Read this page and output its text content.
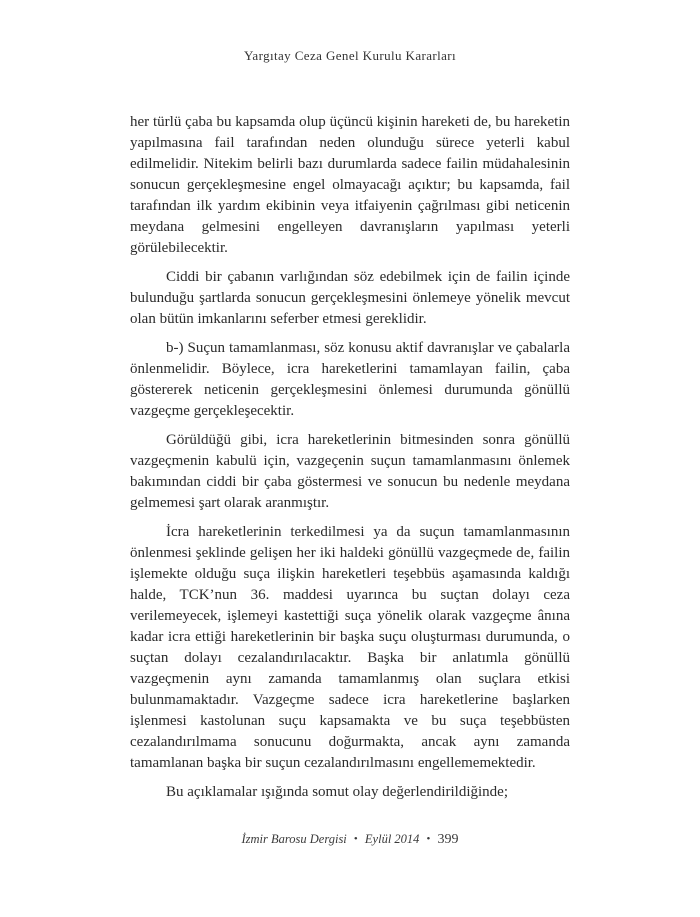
Yargıtay Ceza Genel Kurulu Kararları

her türlü çaba bu kapsamda olup üçüncü kişinin hareketi de, bu hareketin yapılmasına fail tarafından neden olunduğu sürece yeterli kabul edilmelidir. Nitekim belirli bazı durumlarda sadece failin müdahalesinin sonucun gerçekleşmesine engel olmayacağı açıktır; bu kapsamda, fail tarafından ilk yardım ekibinin veya itfaiyenin çağrılması gibi neticenin meydana gelmesini engelleyen davranışların yapılması yeterli görülebilecektir.

Ciddi bir çabanın varlığından söz edebilmek için de failin içinde bulunduğu şartlarda sonucun gerçekleşmesini önlemeye yönelik mevcut olan bütün imkanlarını seferber etmesi gereklidir.

b-) Suçun tamamlanması, söz konusu aktif davranışlar ve çabalarla önlenmelidir. Böylece, icra hareketlerini tamamlayan failin, çaba göstererek neticenin gerçekleşmesini önlemesi durumunda gönüllü vazgeçme gerçekleşecektir.

Görüldüğü gibi, icra hareketlerinin bitmesinden sonra gönüllü vazgeçmenin kabulü için, vazgeçenin suçun tamamlanmasını önlemek bakımından ciddi bir çaba göstermesi ve sonucun bu nedenle meydana gelmemesi şart olarak aranmıştır.

İcra hareketlerinin terkedilmesi ya da suçun tamamlanmasının önlenmesi şeklinde gelişen her iki haldeki gönüllü vazgeçmede de, failin işlemekte olduğu suça ilişkin hareketleri teşebbüs aşamasında kaldığı halde, TCK’nun 36. maddesi uyarınca bu suçtan dolayı ceza verilemeyecek, işlemeyi kastettiği suça yönelik olarak vazgeçme ânına kadar icra ettiği hareketlerinin bir başka suçu oluşturması durumunda, o suçtan dolayı cezalandırılacaktır. Başka bir anlatımla gönüllü vazgeçmenin aynı zamanda tamamlanmış olan suçlara etkisi bulunmamaktadır. Vazgeçme sadece icra hareketlerine başlarken işlenmesi kastolunan suçu kapsamakta ve bu suça teşebbüsten cezalandırılmama sonucunu doğurmakta, ancak aynı zamanda tamamlanan başka bir suçun cezalandırılmasını engellememektedir.

Bu açıklamalar ışığında somut olay değerlendirildiğinde;

İzmir Barosu Dergisi • Eylül 2014 • 399
